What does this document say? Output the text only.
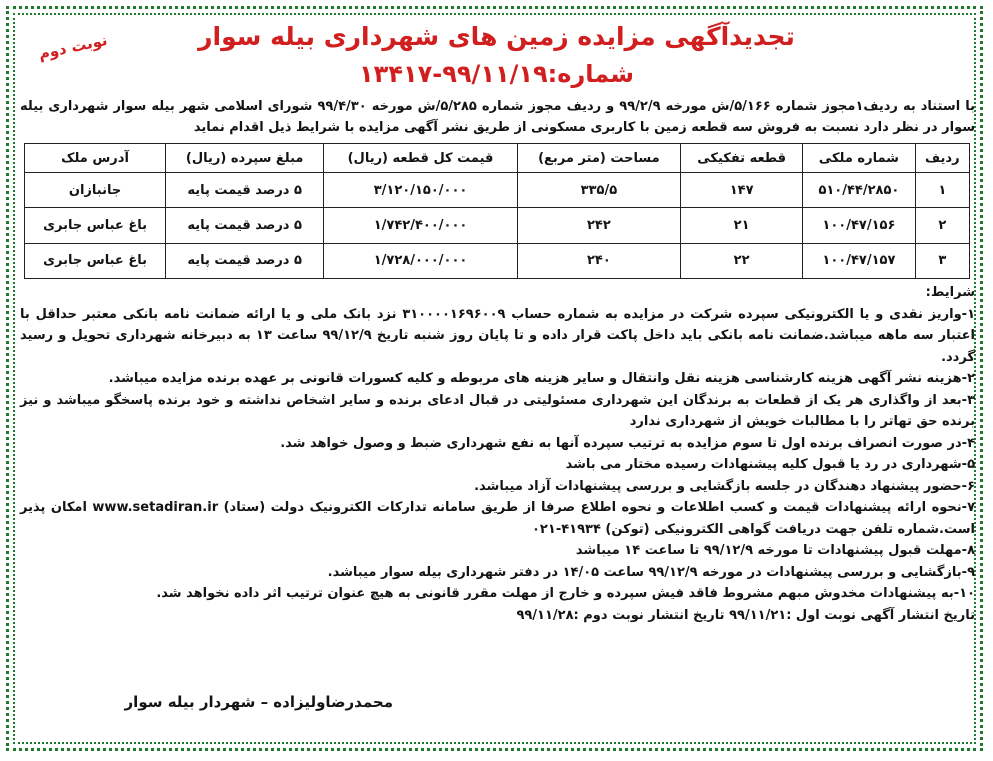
نوبت دوم	تجدیدآگهی مزایده زمین های شهرداری بیله سوار
شماره:۹۹/۱۱/۱۹-۱۳۴۱۷
با استناد به ردیف۱مجوز شماره ۵/۱۶۶/ش مورخه ۹۹/۲/۹ و ردیف مجوز شماره ۵/۲۸۵/ش مورخه ۹۹/۴/۳۰ شورای اسلامی شهر بیله سوار شهرداری بیله سوار در نظر دارد نسبت به فروش سه قطعه زمین با کاربری مسکونی از طریق نشر آگهی مزایده با شرایط ذیل اقدام نماید
ردیف	شماره ملکی	قطعه تفکیکی	مساحت (متر مربع)	قیمت کل قطعه (ریال)	مبلغ سپرده (ریال)	آدرس ملک
۱	۵۱۰/۴۴/۲۸۵۰	۱۴۷	۳۳۵/۵	۳/۱۲۰/۱۵۰/۰۰۰	۵ درصد قیمت پایه	جانبازان
۲	۱۰۰/۴۷/۱۵۶	۲۱	۲۴۲	۱/۷۴۲/۴۰۰/۰۰۰	۵ درصد قیمت پایه	باغ عباس جابری
۳	۱۰۰/۴۷/۱۵۷	۲۲	۲۴۰	۱/۷۲۸/۰۰۰/۰۰۰	۵ درصد قیمت پایه	باغ عباس جابری
شرایط:
۱-واریز نقدی و یا الکترونیکی سپرده شرکت در مزایده به شماره حساب ۳۱۰۰۰۰۱۶۹۶۰۰۹ نزد بانک ملی و یا ارائه ضمانت نامه بانکی معتبر حداقل با اعتبار سه ماهه میباشد.ضمانت نامه بانکی باید داخل پاکت قرار داده و تا پایان روز شنبه تاریخ ۹۹/۱۲/۹ ساعت ۱۳ به دبیرخانه شهرداری تحویل و رسید گردد.
۲-هزینه نشر آگهی هزینه کارشناسی هزینه نقل وانتقال و سایر هزینه های مربوطه و کلیه کسورات قانونی بر عهده برنده مزایده میباشد.
۳-بعد از واگذاری هر یک از قطعات به برندگان این شهرداری مسئولیتی در قبال ادعای برنده و سایر اشخاص نداشته و خود برنده پاسخگو میباشد و نیز برنده حق تهاتر را با مطالبات خویش از شهرداری ندارد
۴-در صورت انصراف برنده اول تا سوم مزایده به ترتیب سپرده آنها به نفع شهرداری ضبط و وصول خواهد شد.
۵-شهرداری در رد یا قبول کلیه پیشنهادات رسیده مختار می باشد
۶-حضور پیشنهاد دهندگان در جلسه بازگشایی و بررسی پیشنهادات آزاد میباشد.
۷-نحوه ارائه پیشنهادات قیمت و کسب اطلاعات و نحوه اطلاع صرفا از طریق سامانه تدارکات الکترونیک دولت (ستاد) www.setadiran.ir امکان پذیر است.شماره تلفن جهت دریافت گواهی الکترونیکی (توکن) ۴۱۹۳۴-۰۲۱
۸-مهلت قبول پیشنهادات تا مورخه ۹۹/۱۲/۹ تا ساعت ۱۴ میباشد
۹-بازگشایی و بررسی پیشنهادات در مورخه ۹۹/۱۲/۹ ساعت ۱۴/۰۵ در دفتر شهرداری بیله سوار میباشد.
۱۰-به پیشنهادات مخدوش مبهم مشروط فاقد فیش سپرده و خارج از مهلت مقرر قانونی به هیچ عنوان ترتیب اثر داده نخواهد شد.
تاریخ انتشار آگهی نوبت اول :۹۹/۱۱/۲۱ تاریخ انتشار نوبت دوم :۹۹/۱۱/۲۸
محمدرضاولیزاده – شهردار بیله سوار
